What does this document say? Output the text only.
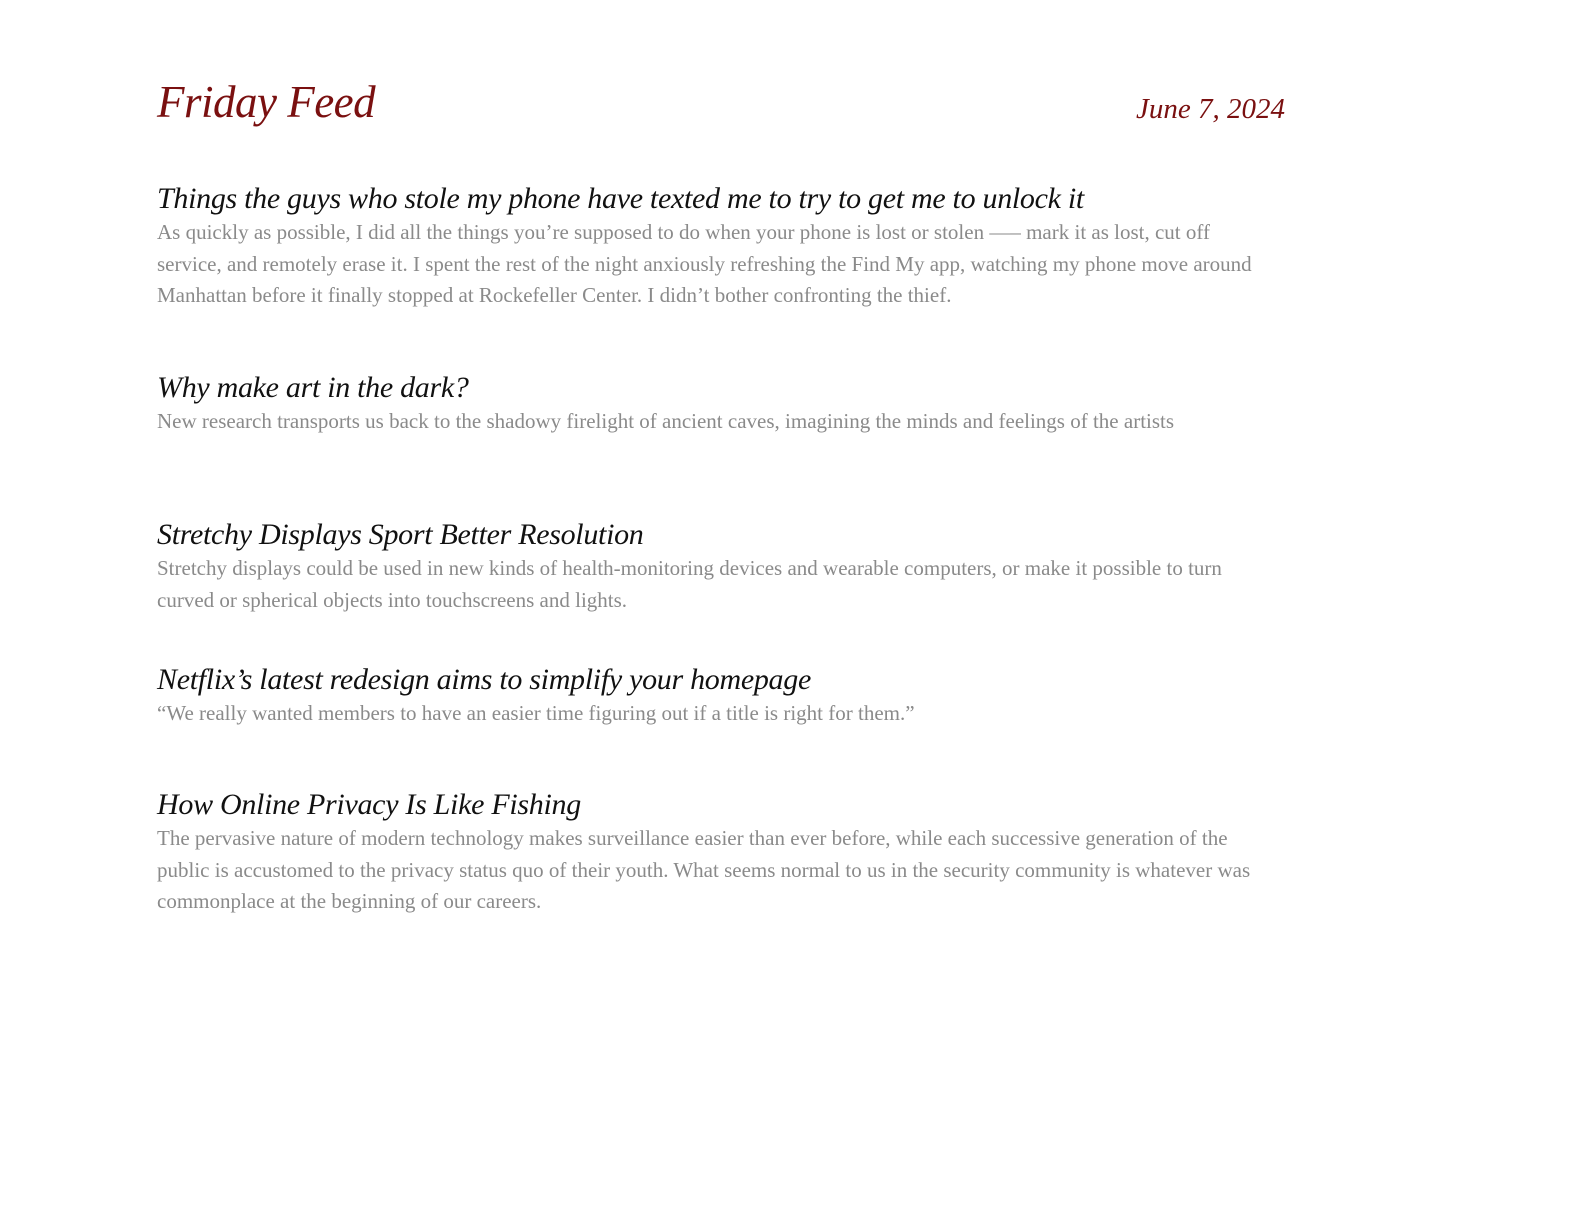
Friday Feed	June 7, 2024
Things the guys who stole my phone have texted me to try to get me to unlock it

As quickly as possible, I did all the things you’re supposed to do when your phone is lost or stolen —– mark it as lost, cut off service, and remotely erase it. I spent the rest of the night anxiously refreshing the Find My app, watching my phone move around Manhattan before it finally stopped at Rockefeller Center. I didn’t bother confronting the thief.

Why make art in the dark?

New research transports us back to the shadowy firelight of ancient caves, imagining the minds and feelings of the artists

Stretchy Displays Sport Better Resolution

Stretchy displays could be used in new kinds of health-monitoring devices and wearable computers, or make it possible to turn curved or spherical objects into touchscreens and lights.

Netflix’s latest redesign aims to simplify your homepage

“We really wanted members to have an easier time figuring out if a title is right for them.”

How Online Privacy Is Like Fishing

The pervasive nature of modern technology makes surveillance easier than ever before, while each successive generation of the public is accustomed to the privacy status quo of their youth. What seems normal to us in the security community is whatever was commonplace at the beginning of our careers.
